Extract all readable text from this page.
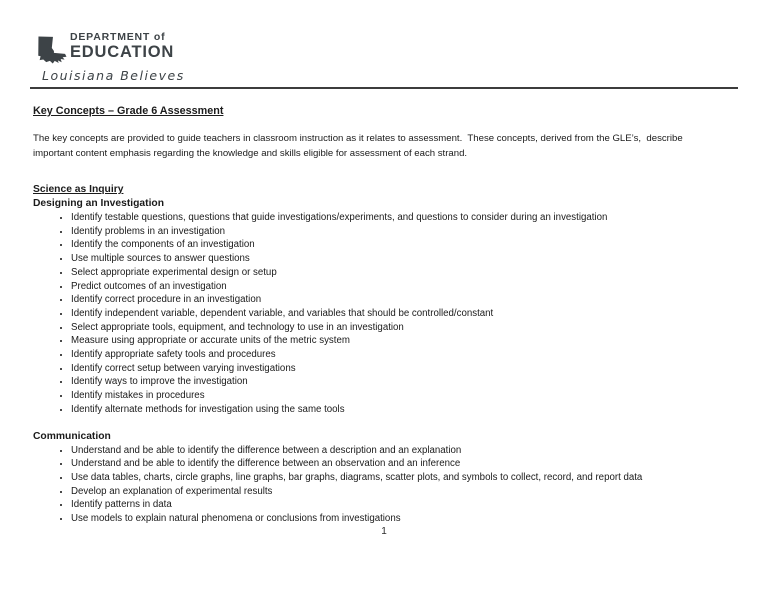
DEPARTMENT of
EDUCATION
Louisiana Believes
Key Concepts – Grade 6 Assessment
The key concepts are provided to guide teachers in classroom instruction as it relates to assessment.  These concepts, derived from the GLE’s,  describe
important content emphasis regarding the knowledge and skills eligible for assessment of each strand.
Science as Inquiry
Designing an Investigation
• Identify testable questions, questions that guide investigations/experiments, and questions to consider during an investigation
• Identify problems in an investigation
• Identify the components of an investigation
• Use multiple sources to answer questions
• Select appropriate experimental design or setup
• Predict outcomes of an investigation
• Identify correct procedure in an investigation
• Identify independent variable, dependent variable, and variables that should be controlled/constant
• Select appropriate tools, equipment, and technology to use in an investigation
• Measure using appropriate or accurate units of the metric system
• Identify appropriate safety tools and procedures
• Identify correct setup between varying investigations
• Identify ways to improve the investigation
• Identify mistakes in procedures
• Identify alternate methods for investigation using the same tools
Communication
• Understand and be able to identify the difference between a description and an explanation
• Understand and be able to identify the difference between an observation and an inference
• Use data tables, charts, circle graphs, line graphs, bar graphs, diagrams, scatter plots, and symbols to collect, record, and report data
• Develop an explanation of experimental results
• Identify patterns in data
• Use models to explain natural phenomena or conclusions from investigations
1
